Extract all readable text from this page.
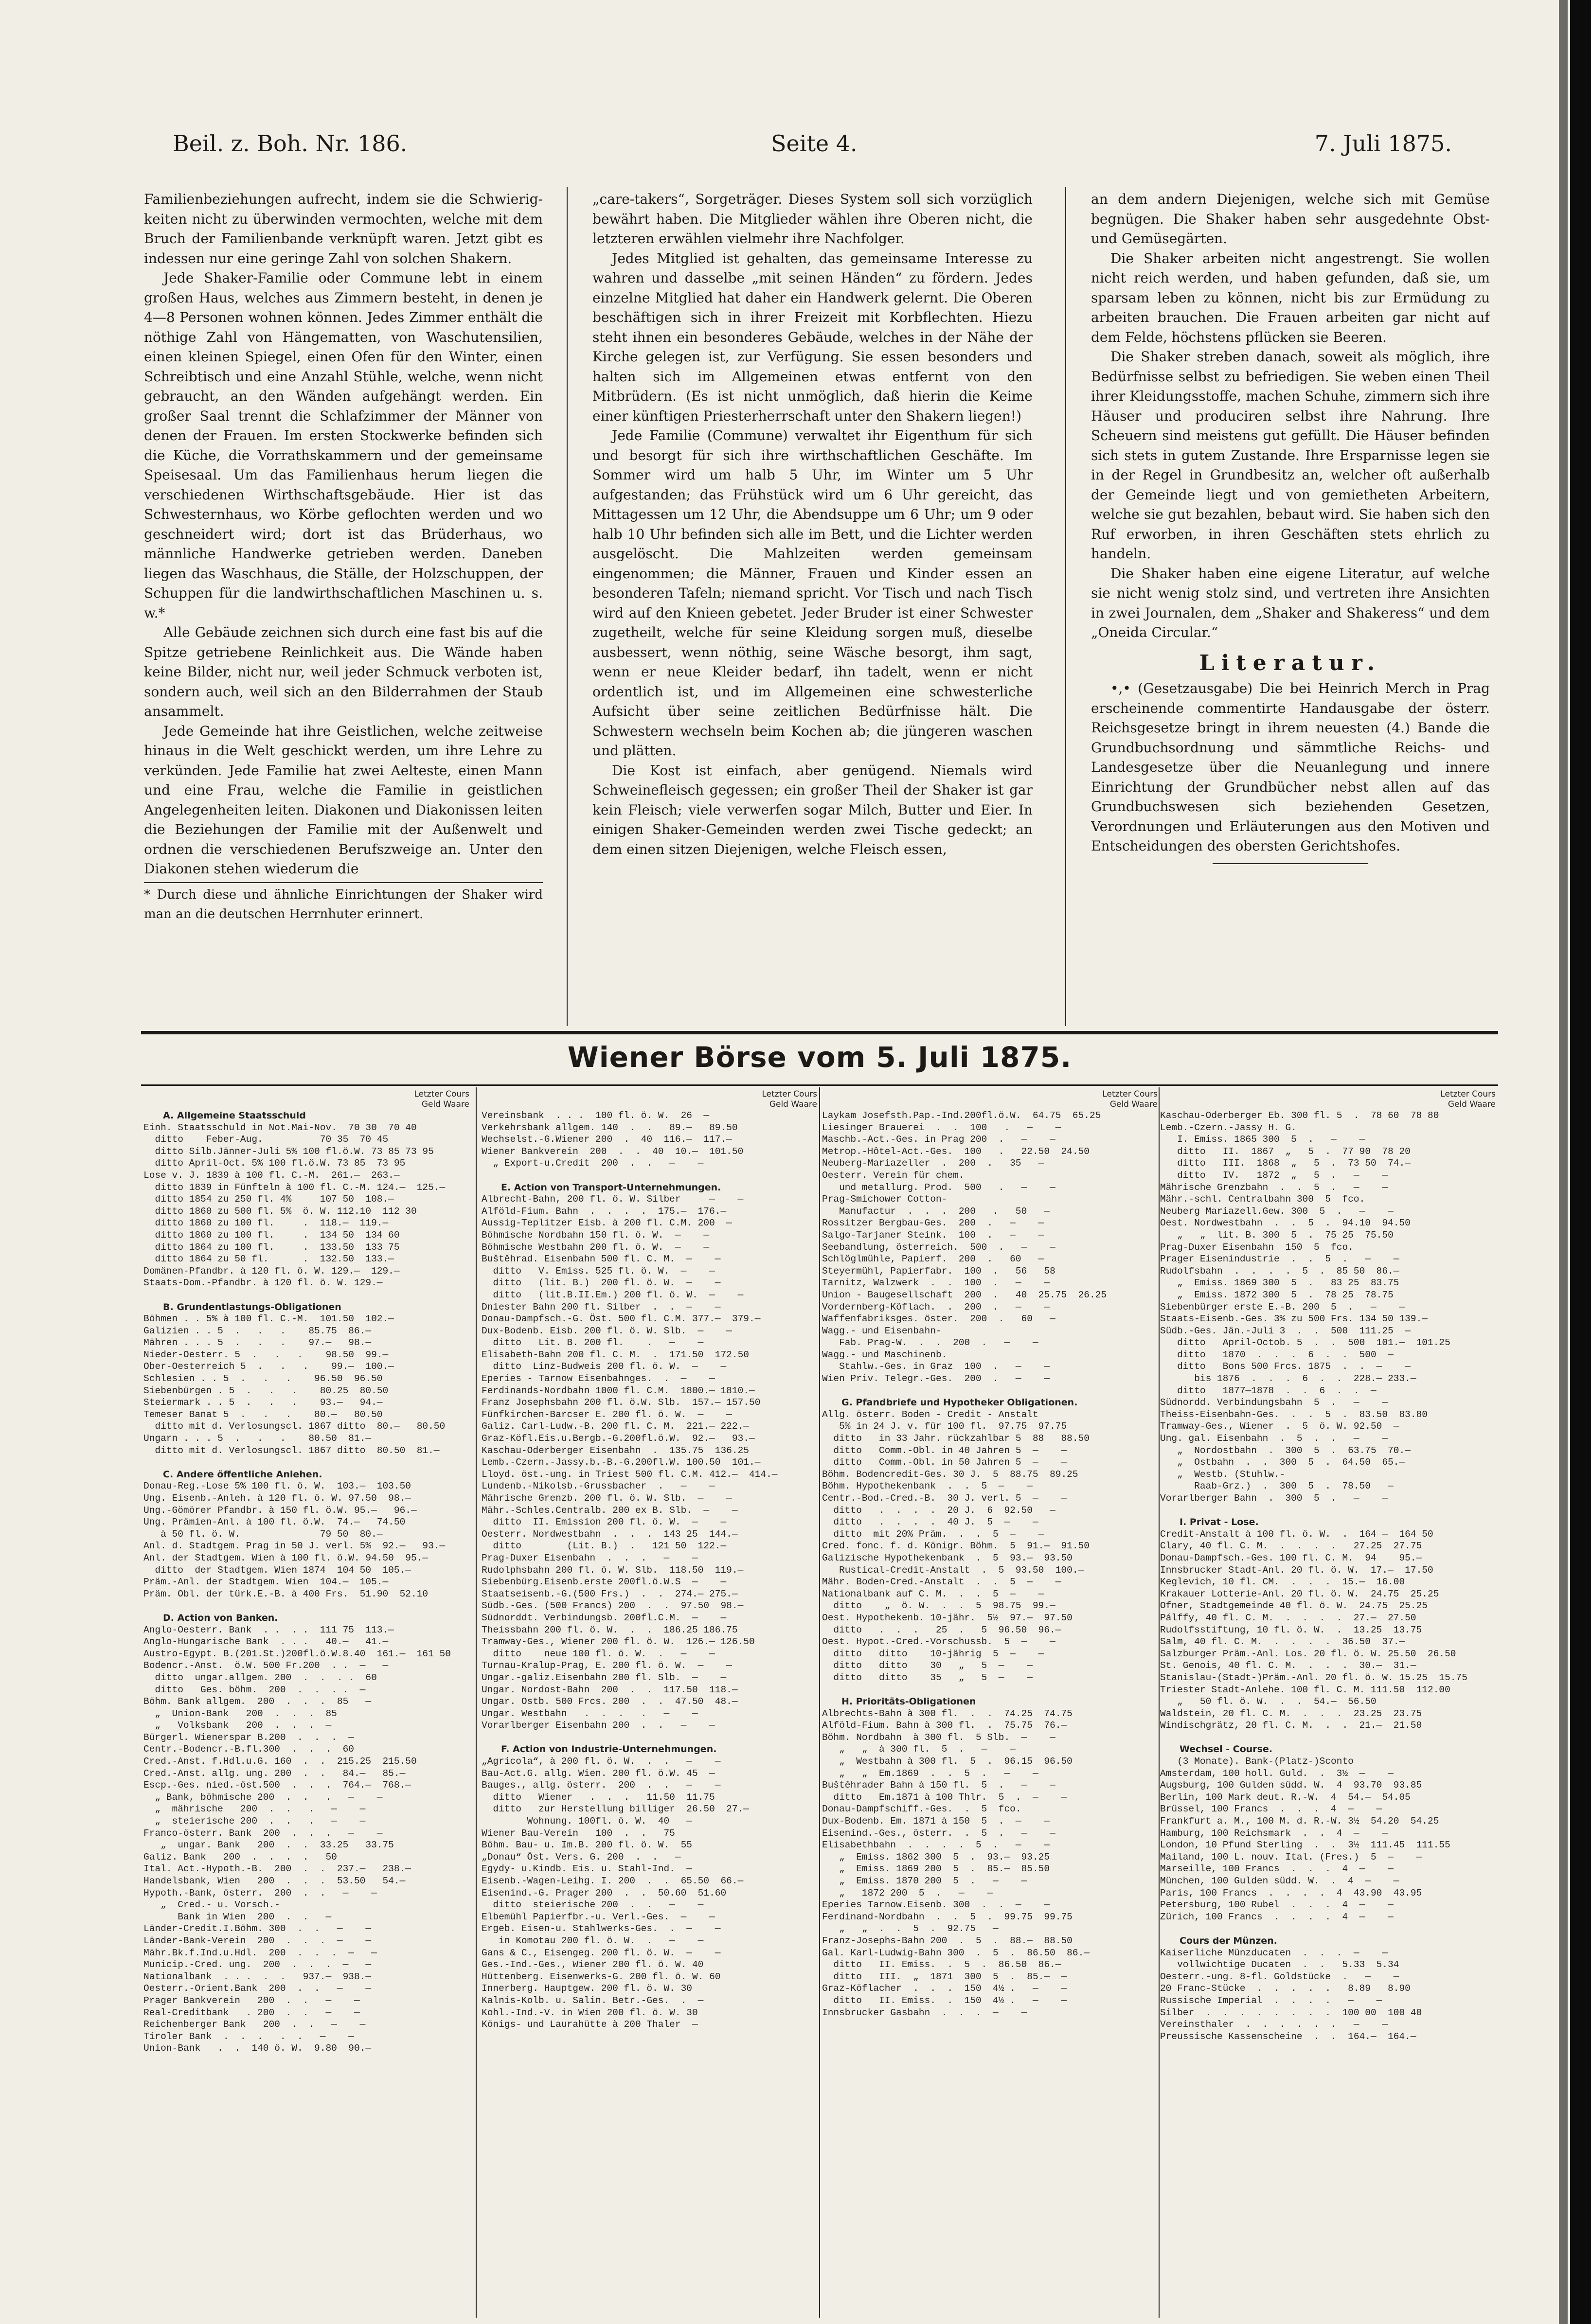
Beil. z. Boh. Nr. 186.	Seite 4.	7. Juli 1875.

Familienbeziehungen aufrecht, indem sie die Schwierig-keiten nicht zu überwinden vermochten, welche mit dem Bruch der Familienbande verknüpft waren. Jetzt gibt es indessen nur eine geringe Zahl von solchen Shakern.

Jede Shaker-Familie oder Commune lebt in einem großen Haus, welches aus Zimmern besteht, in denen je 4—8 Personen wohnen können. Jedes Zimmer enthält die nöthige Zahl von Hängematten, von Waschutensilien, einen kleinen Spiegel, einen Ofen für den Winter, einen Schreibtisch und eine Anzahl Stühle, welche, wenn nicht gebraucht, an den Wänden aufgehängt werden. Ein großer Saal trennt die Schlafzimmer der Männer von denen der Frauen. Im ersten Stockwerke befinden sich die Küche, die Vorrathskammern und der gemeinsame Speisesaal. Um das Familienhaus herum liegen die verschiedenen Wirthschaftsgebäude. Hier ist das Schwesternhaus, wo Körbe geflochten werden und wo geschneidert wird; dort ist das Brüderhaus, wo männliche Handwerke getrieben werden. Daneben liegen das Waschhaus, die Ställe, der Holzschuppen, der Schuppen für die landwirthschaftlichen Maschinen u. s. w.*

Alle Gebäude zeichnen sich durch eine fast bis auf die Spitze getriebene Reinlichkeit aus. Die Wände haben keine Bilder, nicht nur, weil jeder Schmuck verboten ist, sondern auch, weil sich an den Bilderrahmen der Staub ansammelt.

Jede Gemeinde hat ihre Geistlichen, welche zeitweise hinaus in die Welt geschickt werden, um ihre Lehre zu verkünden. Jede Familie hat zwei Aelteste, einen Mann und eine Frau, welche die Familie in geistlichen Angelegenheiten leiten. Diakonen und Diakonissen leiten die Beziehungen der Familie mit der Außenwelt und ordnen die verschiedenen Berufszweige an. Unter den Diakonen stehen wiederum die

* Durch diese und ähnliche Einrichtungen der Shaker wird man an die deutschen Herrnhuter erinnert.

„care-takers“, Sorgeträger. Dieses System soll sich vorzüglich bewährt haben. Die Mitglieder wählen ihre Oberen nicht, die letzteren erwählen vielmehr ihre Nachfolger.

Jedes Mitglied ist gehalten, das gemeinsame Interesse zu wahren und dasselbe „mit seinen Händen“ zu fördern. Jedes einzelne Mitglied hat daher ein Handwerk gelernt. Die Oberen beschäftigen sich in ihrer Freizeit mit Korbflechten. Hiezu steht ihnen ein besonderes Gebäude, welches in der Nähe der Kirche gelegen ist, zur Verfügung. Sie essen besonders und halten sich im Allgemeinen etwas entfernt von den Mitbrüdern. (Es ist nicht unmöglich, daß hierin die Keime einer künftigen Priesterherrschaft unter den Shakern liegen!)

Jede Familie (Commune) verwaltet ihr Eigenthum für sich und besorgt für sich ihre wirthschaftlichen Geschäfte. Im Sommer wird um halb 5 Uhr, im Winter um 5 Uhr aufgestanden; das Frühstück wird um 6 Uhr gereicht, das Mittagessen um 12 Uhr, die Abendsuppe um 6 Uhr; um 9 oder halb 10 Uhr befinden sich alle im Bett, und die Lichter werden ausgelöscht. Die Mahlzeiten werden gemeinsam eingenommen; die Männer, Frauen und Kinder essen an besonderen Tafeln; niemand spricht. Vor Tisch und nach Tisch wird auf den Knieen gebetet. Jeder Bruder ist einer Schwester zugetheilt, welche für seine Kleidung sorgen muß, dieselbe ausbessert, wenn nöthig, seine Wäsche besorgt, ihm sagt, wenn er neue Kleider bedarf, ihn tadelt, wenn er nicht ordentlich ist, und im Allgemeinen eine schwesterliche Aufsicht über seine zeitlichen Bedürfnisse hält. Die Schwestern wechseln beim Kochen ab; die jüngeren waschen und plätten.

Die Kost ist einfach, aber genügend. Niemals wird Schweinefleisch gegessen; ein großer Theil der Shaker ist gar kein Fleisch; viele verwerfen sogar Milch, Butter und Eier. In einigen Shaker-Gemeinden werden zwei Tische gedeckt; an dem einen sitzen Diejenigen, welche Fleisch essen,

an dem andern Diejenigen, welche sich mit Gemüse begnügen. Die Shaker haben sehr ausgedehnte Obst- und Gemüsegärten.

Die Shaker arbeiten nicht angestrengt. Sie wollen nicht reich werden, und haben gefunden, daß sie, um sparsam leben zu können, nicht bis zur Ermüdung zu arbeiten brauchen. Die Frauen arbeiten gar nicht auf dem Felde, höchstens pflücken sie Beeren.

Die Shaker streben danach, soweit als möglich, ihre Bedürfnisse selbst zu befriedigen. Sie weben einen Theil ihrer Kleidungsstoffe, machen Schuhe, zimmern sich ihre Häuser und produciren selbst ihre Nahrung. Ihre Scheuern sind meistens gut gefüllt. Die Häuser befinden sich stets in gutem Zustande. Ihre Ersparnisse legen sie in der Regel in Grundbesitz an, welcher oft außerhalb der Gemeinde liegt und von gemietheten Arbeitern, welche sie gut bezahlen, bebaut wird. Sie haben sich den Ruf erworben, in ihren Geschäften stets ehrlich zu handeln.

Die Shaker haben eine eigene Literatur, auf welche sie nicht wenig stolz sind, und vertreten ihre Ansichten in zwei Journalen, dem „Shaker and Shakeress“ und dem „Oneida Circular.“

Literatur.

•,• (Gesetzausgabe) Die bei Heinrich Merch in Prag erscheinende commentirte Handausgabe der österr. Reichsgesetze bringt in ihrem neuesten (4.) Bande die Grundbuchsordnung und sämmtliche Reichs- und Landesgesetze über die Neuanlegung und innere Einrichtung der Grundbücher nebst allen auf das Grundbuchswesen sich beziehenden Gesetzen, Verordnungen und Erläuterungen aus den Motiven und Entscheidungen des obersten Gerichtshofes.

Wiener Börse vom 5. Juli 1875.
Letzter Cours
Geld Waare
A. Allgemeine Staatsschuld
Einh. Staatsschuld in Not.Mai-Nov.  70 30  70 40
ditto    Feber-Aug.          70 35  70 45
ditto Silb.Jänner-Juli 5% 100 fl.ö.W. 73 85 73 95
ditto April-Oct. 5% 100 fl.ö.W. 73 85  73 95
Lose v. J. 1839 à 100 fl. C.-M.  261.—  263.—
ditto 1839 in Fünfteln à 100 fl. C.-M. 124.—  125.—
ditto 1854 zu 250 fl. 4%     107 50  108.—
ditto 1860 zu 500 fl. 5%  ö. W. 112.10  112 30
ditto 1860 zu 100 fl.     .  118.—  119.—
ditto 1860 zu 100 fl.     .  134 50  134 60
ditto 1864 zu 100 fl.     .  133.50  133 75
ditto 1864 zu 50 fl.      .  132.50  133.—
Domänen-Pfandbr. à 120 fl. ö. W. 129.—  129.—
Staats-Dom.-Pfandbr. à 120 fl. ö. W. 129.—
B. Grundentlastungs-Obligationen
Böhmen . . 5% à 100 fl. C.-M.  101.50  102.—
Galizien . . 5  .   .   .    85.75  86.—
Mähren . . . 5  .   .   .    97.—   98.—
Nieder-Oesterr. 5  .   .   .    98.50  99.—
Ober-Oesterreich 5  .   .   .    99.—  100.—
Schlesien . . 5  .   .   .    96.50  96.50
Siebenbürgen . 5  .   .   .    80.25  80.50
Steiermark . . 5  .   .   .    93.—   94.—
Temeser Banat 5  .   .   .    80.—   80.50
ditto mit d. Verlosungscl. 1867 ditto  80.—   80.50
Ungarn . . . 5  .   .   .    80.50  81.—
ditto mit d. Verlosungscl. 1867 ditto  80.50  81.—
C. Andere öffentliche Anlehen.
Donau-Reg.-Lose 5% 100 fl. ö. W.  103.—  103.50
Ung. Eisenb.-Anleh. à 120 fl. ö. W. 97.50  98.—
Ung.-Gömörer Pfandbr. à 150 fl. ö.W. 95.—   96.—
Ung. Prämien-Anl. à 100 fl. ö.W.  74.—   74.50
à 50 fl. ö. W.              79 50  80.—
Anl. d. Stadtgem. Prag in 50 J. verl. 5%  92.—   93.—
Anl. der Stadtgem. Wien à 100 fl. ö.W. 94.50  95.—
ditto  der Stadtgem. Wien 1874  104 50  105.—
Präm.-Anl. der Stadtgem. Wien  104.—  105.—
Präm. Obl. der türk.E.-B. à 400 Frs.  51.90  52.10
D. Action von Banken.
Anglo-Oesterr. Bank  . .  . .  111 75  113.—
Anglo-Hungarische Bank  . . .   40.—   41.—
Austro-Egypt. B.(201.St.)200fl.ö.W.8.40  161.—  161 50
Bodencr.-Anst.  ö.W. 500 Fr.200  . .  —   —
ditto  ungar.allgem. 200  .  .  . .  60
ditto   Ges. böhm.  200  .  .  . .  —
Böhm. Bank allgem.  200  .  .  .  85   —
„  Union-Bank   200  .  .  .  85
„   Volksbank   200  .  .  .  —
Bürgerl. Wienerspar B.200  .  .  .  —
Centr.-Bodencr.-B.fl.300  .  .  .  60
Cred.-Anst. f.Hdl.u.G. 160  .  .  215.25  215.50
Cred.-Anst. allg. ung. 200  .  .   84.—   85.—
Escp.-Ges. nied.-öst.500  .  .  .  764.—  768.—
„ Bank, böhmische 200  .  .   .   —    —
„  mährische   200  .  .   .   —    —
„  steierische 200  .  .   .   —    —
Franco-österr. Bank  200  .  .  .   —    —
„  ungar. Bank   200  .  .  33.25   33.75
Galiz. Bank   200  .  .  .  .   50
Ital. Act.-Hypoth.-B.  200  .  .  237.—   238.—
Handelsbank, Wien   200  .  .  .  53.50   54.—
Hypoth.-Bank, österr.  200  .  .   —    —
„  Cred.- u. Vorsch.-
Bank in Wien  200  .  .   —
Länder-Credit.I.Böhm. 300  .  .   —    —
Länder-Bank-Verein  200  .  .  .  —    —
Mähr.Bk.f.Ind.u.Hdl.  200  .  .  .  —   —
Municip.-Cred. ung.  200  .  .  .  —   —
Nationalbank  . . .  .  .   937.—  938.—
Oesterr.-Orient.Bank  200  .  .   —    —
Prager Bankverein   200  .  .   —    —
Real-Creditbank   . 200  .  .   —    —
Reichenberger Bank   200  .  .   —    —
Tiroler Bank  .  .  .   .  .   —    —
Union-Bank   .  .  140 ö. W.  9.80  90.—
Letzter Cours
Geld Waare
Vereinsbank  . . .  100 fl. ö. W.  26  —
Verkehrsbank allgem. 140  .  .   89.—   89.50
Wechselst.-G.Wiener 200  .  40  116.—  117.—
Wiener Bankverein  200  .  .  40  10.—  101.50
„ Export-u.Credit  200  .  .   —    —
E. Action von Transport-Unternehmungen.
Albrecht-Bahn, 200 fl. ö. W. Silber     —    —
Alföld-Fium. Bahn  .  .  .  .  175.—  176.—
Aussig-Teplitzer Eisb. à 200 fl. C.M. 200  —
Böhmische Nordbahn 150 fl. ö. W.  —    —
Böhmische Westbahn 200 fl. ö. W.  —    —
Buštěhrad. Eisenbahn 500 fl. C. M.  —    —
ditto   V. Emiss. 525 fl. ö. W.  —    —
ditto   (lit. B.)  200 fl. ö. W.  —    —
ditto   (lit.B.II.Em.) 200 fl. ö. W.  —    —
Dniester Bahn 200 fl. Silber  .  .  —    —
Donau-Dampfsch.-G. Öst. 500 fl. C.M. 377.—  379.—
Dux-Bodenb. Eisb. 200 fl. ö. W. Slb.  —    —
ditto   Lit. B. 200 fl.    .   —    —
Elisabeth-Bahn 200 fl. C. M.  .  171.50  172.50
ditto  Linz-Budweis 200 fl. ö. W.  —    —
Eperies - Tarnow Eisenbahnges.  .  —    —
Ferdinands-Nordbahn 1000 fl. C.M.  1800.— 1810.—
Franz Josephsbahn 200 fl. ö.W. Slb.  157.— 157.50
Fünfkirchen-Barcser E. 200 fl. ö. W.  —    —
Galiz. Carl-Ludw.-B. 200 fl. C. M.  221.— 222.—
Graz-Köfl.Eis.u.Bergb.-G.200fl.ö.W.  92.—   93.—
Kaschau-Oderberger Eisenbahn  .  135.75  136.25
Lemb.-Czern.-Jassy.b.-B.-G.200fl.W. 100.50  101.—
Lloyd. öst.-ung. in Triest 500 fl. C.M. 412.—  414.—
Lundenb.-Nikolsb.-Grussbacher  .   —    —
Mährische Grenzb. 200 fl. ö. W. Slb.  —    —
Mähr.-Schles.Centralb. 200 ex B. Slb.  —    —
ditto  II. Emission 200 fl. ö. W.  —    —
Oesterr. Nordwestbahn  .  .  .  143 25  144.—
ditto        (Lit. B.)  .   121 50  122.—
Prag-Duxer Eisenbahn  .  .  .   —    —
Rudolphsbahn 200 fl. ö. W. Slb.  118.50  119.—
Siebenbürg.Eisenb.erste 200fl.ö.W.S  —    —
Staatseisenb.-G.(500 Frs.)  .  .  274.— 275.—
Südb.-Ges. (500 Francs) 200  .  .  97.50  98.—
Südnorddt. Verbindungsb. 200fl.C.M.  —    —
Theissbahn 200 fl. ö. W.  .  .  186.25 186.75
Tramway-Ges., Wiener 200 fl. ö. W.  126.— 126.50
ditto    neue 100 fl. ö. W.  .   —    —
Turnau-Kralup-Prag, E. 200 fl. ö. W.  —    —
Ungar.-galiz.Eisenbahn 200 fl. Slb.  —    —
Ungar. Nordost-Bahn  200  .  .  117.50  118.—
Ungar. Ostb. 500 Frcs. 200  .  .  47.50  48.—
Ungar. Westbahn   .  .  .   .   —    —
Vorarlberger Eisenbahn 200  .  .   —    —
F. Action von Industrie-Unternehmungen.
„Agricola“, à 200 fl. ö. W.  .  .   —    —
Bau-Act.G. allg. Wien. 200 fl. ö.W. 45  —
Bauges., allg. österr.  200  .  .   —    —
ditto   Wiener   .  .  .   11.50  11.75
ditto   zur Herstellung billiger  26.50  27.—
Wohnung. 100fl. ö. W.  40   —
Wiener Bau-Verein   100  .  .   75
Böhm. Bau- u. Im.B. 200 fl. ö. W.  55
„Donau“ Öst. Vers. G. 200  .  .   —
Egydy- u.Kindb. Eis. u. Stahl-Ind.  —
Eisenb.-Wagen-Leihg. I. 200  .  .  65.50  66.—
Eisenind.-G. Prager 200  .  .  50.60  51.60
ditto  steierische 200  .  .   —    —
Elbemühl Papierfbr.-u. Verl.-Ges.  —    —
Ergeb. Eisen-u. Stahlwerks-Ges.  .  —    —
in Komotau 200 fl. ö. W.  .   —    —
Gans & C., Eisengeg. 200 fl. ö. W.  —    —
Ges.-Ind.-Ges., Wiener 200 fl. ö. W. 40
Hüttenberg. Eisenwerks-G. 200 fl. ö. W. 60
Innerberg. Hauptgew. 200 fl. ö. W. 30
Kalnis-Kolb. u. Salin. Betr.-Ges.  .  —
Kohl.-Ind.-V. in Wien 200 fl. ö. W. 30
Königs- und Laurahütte à 200 Thaler  —
Letzter Cours
Geld Waare
Laykam Josefsth.Pap.-Ind.200fl.ö.W.  64.75  65.25
Liesinger Brauerei  .  .  100   .   —    —
Maschb.-Act.-Ges. in Prag 200  .   —    —
Metrop.-Hôtel-Act.-Ges.  100   .   22.50  24.50
Neuberg-Mariazeller  .  200  .   35   —
Oesterr. Verein für chem.
und metallurg. Prod.  500   .   —    —
Prag-Smichower Cotton-
Manufactur  .  .  .  200   .   50   —
Rossitzer Bergbau-Ges.  200  .   —    —
Salgo-Tarjaner Steink.  100  .   —    —
Seebandlung, österreich.  500  .   —    —
Schlöglmühle, Papierf.  200  .   60   —
Steyermühl, Papierfabr.  100  .   56   58
Tarnitz, Walzwerk  .  .  100  .   —    —
Union - Baugesellschaft  200  .   40  25.75  26.25
Vordernberg-Köflach.  .  200  .   —    —
Waffenfabriksges. öster.  200  .   60   —
Wagg.- und Eisenbahn-
Fab. Prag-W.  .  .  200  .   —    —
Wagg.- und Maschinenb.
Stahlw.-Ges. in Graz  100  .   —    —
Wien Priv. Telegr.-Ges.  200  .   —    —
G. Pfandbriefe und Hypotheker Obligationen.
Allg. österr. Boden - Credit - Anstalt
5% in 24 J. v. für 100 fl.  97.75  97.75
ditto   in 33 Jahr. rückzahlbar 5  88   88.50
ditto   Comm.-Obl. in 40 Jahren 5  —    —
ditto   Comm.-Obl. in 50 Jahren 5  —    —
Böhm. Bodencredit-Ges. 30 J.  5  88.75  89.25
Böhm. Hypothekenbank  .  .  5  —    —
Centr.-Bod.-Cred.-B.  30 J. verl. 5  —    —
ditto   .  .  .  .  20 J.  6  92.50   —
ditto   .  .  .  .  40 J.  5  —    —
ditto  mit 20% Präm.  .  .  5  —    —
Cred. fonc. f. d. Königr. Böhm.  5  91.—  91.50
Galizische Hypothekenbank  .  5  93.—  93.50
Rustical-Credit-Anstalt  .  5  93.50  100.—
Mähr. Boden-Cred.-Anstalt  .  .  5  —    —
Nationalbank auf C. M.  .  .  5  —    —
ditto    „  ö. W.  .  .  5  98.75  99.—
Oest. Hypothekenb. 10-jähr.  5½  97.—  97.50
ditto   .  .  .   25  .   5  96.50  96.—
Oest. Hypot.-Cred.-Vorschussb.  5  —    —
ditto   ditto    10-jährig  5  —    —
ditto   ditto    30   „   5  —    —
ditto   ditto    35   „   5  —    —
H. Prioritäts-Obligationen
Albrechts-Bahn à 300 fl.  .  .  74.25  74.75
Alföld-Fium. Bahn à 300 fl.  .  75.75  76.—
Böhm. Nordbahn  à 300 fl.  5 Slb.  —    —
„   „  à 300 fl.  5  .   —    —
„  Westbahn à 300 fl.  5  .  96.15  96.50
„   „  Em.1869  .  .  5  .   —    —
Buštěhrader Bahn à 150 fl.  5  .   —    —
ditto   Em.1871 à 100 Thlr.  5  .  —    —
Donau-Dampfschiff.-Ges.  .  5  fco.
Dux-Bodenb. Em. 1871 à 150  5  .  —    —
Eisenind.-Ges., österr.  .  5  .   —    —
Elisabethbahn  .  .  .  .  5  .   —    —
„  Emiss. 1862 300  5  .  93.—  93.25
„  Emiss. 1869 200  5  .  85.—  85.50
„  Emiss. 1870 200  5  .   —    —
„   1872 200  5  .   —    —
Eperies Tarnow.Eisenb. 300  .  .  —    —
Ferdinand-Nordbahn  .  .  5  .  99.75  99.75
„   „  .  .  5  .  92.75   —
Franz-Josephs-Bahn 200  .  5  .  88.—  88.50
Gal. Karl-Ludwig-Bahn 300  .  5  .  86.50  86.—
ditto   II. Emiss.  .  5  .  86.50  86.—
ditto   III.  „  1871  300  5  .  85.—  —
Graz-Köflacher  .  .  .  150  4½ .   —    —
ditto   II. Emiss.  .  150  4½ .   —    —
Innsbrucker Gasbahn  .  .  .  —    —
Letzter Cours
Geld Waare
Kaschau-Oderberger Eb. 300 fl. 5  .  78 60  78 80
Lemb.-Czern.-Jassy H. G.
I. Emiss. 1865 300  5  .   —    —
ditto   II.  1867  „   5  .  77 90  78 20
ditto   III.  1868  „   5  .  73 50  74.—
ditto   IV.   1872  „   5  .   —    —
Mährische Grenzbahn  .  .  5  .   —    —
Mähr.-schl. Centralbahn 300  5  fco.
Neuberg Mariazell.Gew. 300  5  .   —    —
Oest. Nordwestbahn  .  .  5  .  94.10  94.50
„   „  lit. B. 300  5  .  75 25  75.50
Prag-Duxer Eisenbahn  150  5  fco.
Prager Eisenindustrie  .  .  5  .   —    —
Rudolfsbahn  .  .  .  .  5  .  85 50  86.—
„  Emiss. 1869 300  5  .   83 25  83.75
„  Emiss. 1872 300  5  .  78 25  78.75
Siebenbürger erste E.-B. 200  5  .   —    —
Staats-Eisenb.-Ges. 3% zu 500 Frs. 134 50 139.—
Südb.-Ges. Jän.-Juli 3  .  .  500  111.25  —
ditto   April-Octob. 5  .  .  500  101.—  101.25
ditto   1870  .  .  .  6  .  .  500  —
ditto   Bons 500 Frcs. 1875  .  .  —    —
bis 1876  .  .  .  6  .  .  228.— 233.—
ditto   1877—1878  .  .  6  .  .  —
Südnordd. Verbindungsbahn  5  .   —    —
Theiss-Eisenbahn-Ges.  .  .  5  .  83.50  83.80
Tramway-Ges., Wiener  .  5  ö. W. 92.50  —
Ung. gal. Eisenbahn  .  5  .  .   —    —
„  Nordostbahn  .  300  5  .  63.75  70.—
„  Ostbahn  .  .  300  5  .  64.50  65.—
„  Westb. (Stuhlw.-
Raab-Grz.)  .  300  5  .  78.50   —
Vorarlberger Bahn  .  300  5  .   —    —
I. Privat - Lose.
Credit-Anstalt à 100 fl. ö. W.  .  164 —  164 50
Clary, 40 fl. C. M.  .  .  .  .   27.25  27.75
Donau-Dampfsch.-Ges. 100 fl. C. M.  94    95.—
Innsbrucker Stadt-Anl. 20 fl. ö. W.  17.—  17.50
Keglevich, 10 fl. CM.  .  .  .  15.—  16.00
Krakauer Lotterie-Anl. 20 fl. ö. W.  24.75  25.25
Ofner, Stadtgemeinde 40 fl. ö. W.  24.75  25.25
Pálffy, 40 fl. C. M.  .  .  .  .  27.—  27.50
Rudolfsstiftung, 10 fl. ö. W.  .  13.25  13.75
Salm, 40 fl. C. M.  .  .  .  .  36.50  37.—
Salzburger Präm.-Anl. Los. 20 fl. ö. W. 25.50  26.50
St. Genois, 40 fl. C. M.  .  .  .  30.—  31.—
Stanislau-(Stadt-)Präm.-Anl. 20 fl. ö. W. 15.25  15.75
Triester Stadt-Anlehe. 100 fl. C. M. 111.50  112.00
„   50 fl. ö. W.  .  .  54.—  56.50
Waldstein, 20 fl. C. M.  .  .  .  23.25  23.75
Windischgrätz, 20 fl. C. M.  .  .  21.—  21.50
Wechsel - Course.
(3 Monate). Bank-(Platz-)Sconto
Amsterdam, 100 holl. Guld.  .  3½  —    —
Augsburg, 100 Gulden südd. W.  4  93.70  93.85
Berlin, 100 Mark deut. R.-W.  4  54.—  54.05
Brüssel, 100 Francs  .  .  .  4  —    —
Frankfurt a. M., 100 M. d. R.-W. 3½  54.20  54.25
Hamburg, 100 Reichsmark  .  .  4  —    —
London, 10 Pfund Sterling  .  .  3½  111.45  111.55
Mailand, 100 L. nouv. Ital. (Fres.)  5  —    —
Marseille, 100 Francs  .  .  .  4  —    —
München, 100 Gulden südd. W.  .  4  —    —
Paris, 100 Francs  .  .  .  .  4  43.90  43.95
Petersburg, 100 Rubel  .  .  .  4  —    —
Zürich, 100 Francs  .  .  .  .  4  —    —
Cours der Münzen.
Kaiserliche Münzducaten  .  .  .  —    —
vollwichtige Ducaten  .  .   5.33  5.34
Oesterr.-ung. 8-fl. Goldstücke  .   —    —
20 Franc-Stücke  .  .  .  .  .   8.89   8.90
Russische Imperial  .  .  .  .   —    —
Silber  .  .  .  .  .  .  .  .  100 00  100 40
Vereinsthaler  .  .  .  .  .  .   —    —
Preussische Kassenscheine  .  .  164.—  164.—
